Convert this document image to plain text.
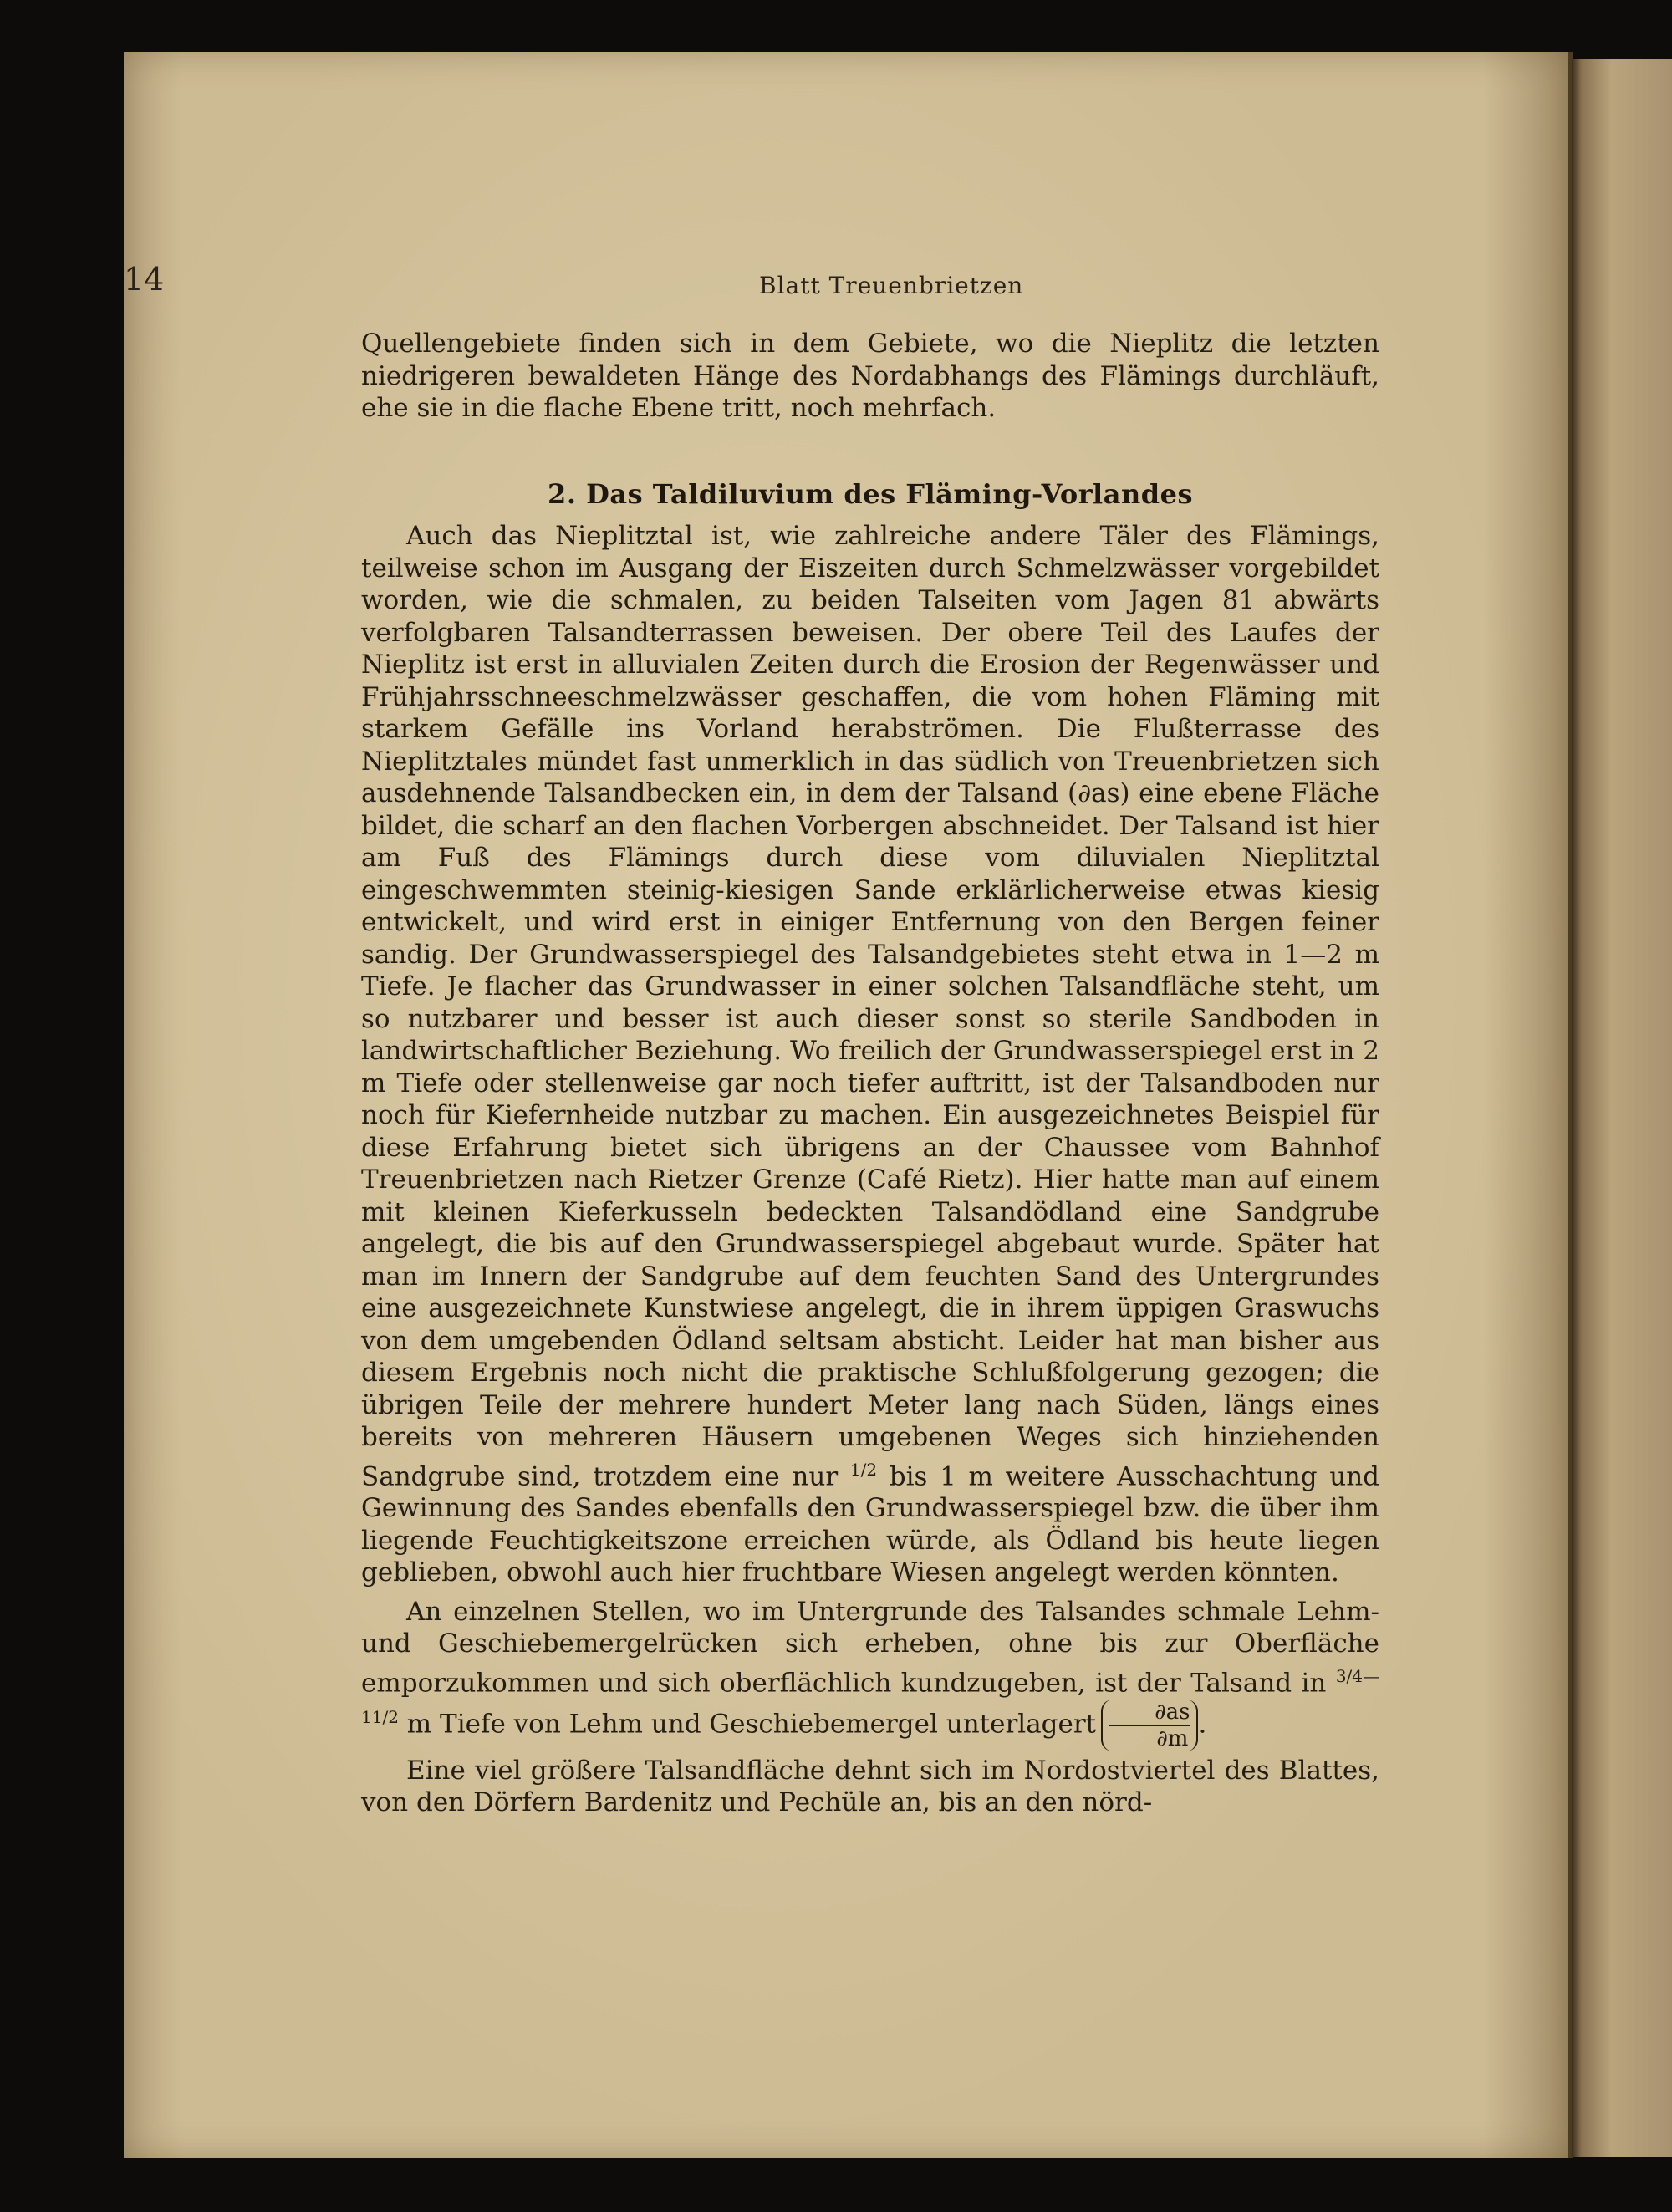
14	Blatt Treuenbrietzen

Quellengebiete finden sich in dem Gebiete, wo die Nieplitz die letzten niedrigeren bewaldeten Hänge des Nordabhangs des Flämings durchläuft, ehe sie in die flache Ebene tritt, noch mehrfach.

2. Das Taldiluvium des Fläming-Vorlandes

Auch das Nieplitztal ist, wie zahlreiche andere Täler des Flämings, teilweise schon im Ausgang der Eiszeiten durch Schmelzwässer vorgebildet worden, wie die schmalen, zu beiden Talseiten vom Jagen 81 abwärts verfolgbaren Talsandterrassen beweisen. Der obere Teil des Laufes der Nieplitz ist erst in alluvialen Zeiten durch die Erosion der Regenwässer und Frühjahrsschneeschmelzwässer geschaffen, die vom hohen Fläming mit starkem Gefälle ins Vorland herabströmen. Die Flußterrasse des Nieplitztales mündet fast unmerklich in das südlich von Treuenbrietzen sich ausdehnende Talsandbecken ein, in dem der Talsand (∂as) eine ebene Fläche bildet, die scharf an den flachen Vorbergen abschneidet. Der Talsand ist hier am Fuß des Flämings durch diese vom diluvialen Nieplitztal eingeschwemmten steinig-kiesigen Sande erklärlicherweise etwas kiesig entwickelt, und wird erst in einiger Entfernung von den Bergen feiner sandig. Der Grundwasserspiegel des Talsandgebietes steht etwa in 1—2 m Tiefe. Je flacher das Grundwasser in einer solchen Talsandfläche steht, um so nutzbarer und besser ist auch dieser sonst so sterile Sandboden in landwirtschaftlicher Beziehung. Wo freilich der Grundwasserspiegel erst in 2 m Tiefe oder stellenweise gar noch tiefer auftritt, ist der Talsandboden nur noch für Kiefernheide nutzbar zu machen. Ein ausgezeichnetes Beispiel für diese Erfahrung bietet sich übrigens an der Chaussee vom Bahnhof Treuenbrietzen nach Rietzer Grenze (Café Rietz). Hier hatte man auf einem mit kleinen Kieferkusseln bedeckten Talsandödland eine Sandgrube angelegt, die bis auf den Grundwasserspiegel abgebaut wurde. Später hat man im Innern der Sandgrube auf dem feuchten Sand des Untergrundes eine ausgezeichnete Kunstwiese angelegt, die in ihrem üppigen Graswuchs von dem umgebenden Ödland seltsam absticht. Leider hat man bisher aus diesem Ergebnis noch nicht die praktische Schlußfolgerung gezogen; die übrigen Teile der mehrere hundert Meter lang nach Süden, längs eines bereits von mehreren Häusern umgebenen Weges sich hinziehenden Sandgrube sind, trotzdem eine nur $^{1/2}$ bis 1 m weitere Ausschachtung und Gewinnung des Sandes ebenfalls den Grundwasserspiegel bzw. die über ihm liegende Feuchtigkeitszone erreichen würde, als Ödland bis heute liegen geblieben, obwohl auch hier fruchtbare Wiesen angelegt werden könnten.

An einzelnen Stellen, wo im Untergrunde des Talsandes schmale Lehm- und Geschiebemergelrücken sich erheben, ohne bis zur Oberfläche emporzukommen und sich oberflächlich kundzugeben, ist der Talsand in $^{3/4—11/2}$ m Tiefe von Lehm und Geschiebemergel unterlagert $\frac{\partial as}{\partial m}$ .

Eine viel größere Talsandfläche dehnt sich im Nordostviertel des Blattes, von den Dörfern Bardenitz und Pechüle an, bis an den nörd-
